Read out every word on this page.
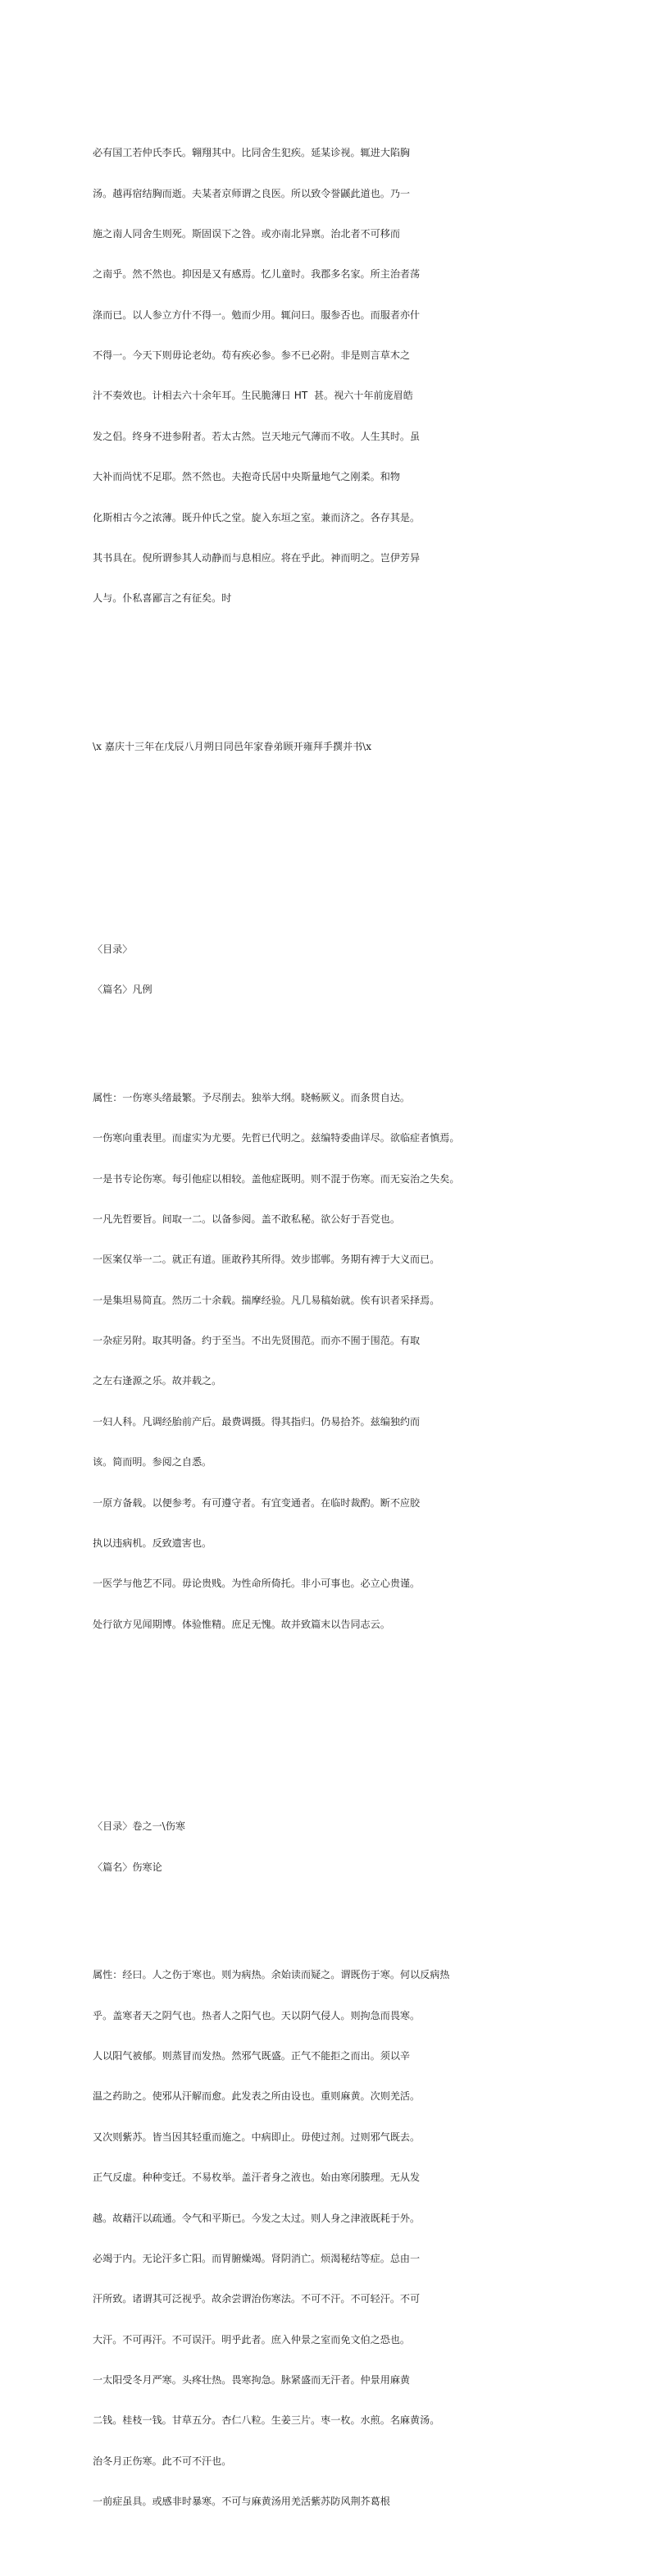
必有国工若仲氏李氏。翱翔其中。比同舍生犯疾。延某诊视。辄进大陷胸

汤。越再宿结胸而逝。夫某者京师谓之良医。所以致令誉鼷此道也。乃一

施之南人同舍生则死。斯固误下之咎。或亦南北异禀。治北者不可移而

之南乎。然不然也。抑因是又有感焉。忆儿童时。我郡多名家。所主治者荡

涤而已。以人参立方什不得一。勉而少用。辄问曰。服参否也。而服者亦什

不得一。今天下则毋论老幼。苟有疾必参。参不已必附。非是则言草木之

汁不奏效也。计相去六十余年耳。生民脆薄日 HT  甚。视六十年前庞眉皓

发之侣。终身不进参附者。若太古然。岂天地元气薄而不收。人生其时。虽

大补而尚忧不足耶。然不然也。夫抱奇氏居中央斯量地气之刚柔。和物

化斯相古今之浓薄。既升仲氏之堂。旋入东垣之室。兼而济之。各存其是。

其书具在。倪所谓参其人动静而与息相应。将在乎此。神而明之。岂伊芳异

人与。仆私喜鄙言之有征矣。时

\x 嘉庆十三年在戊辰八月朔日同邑年家眷弟顾开雍拜手撰并书\x

〈目录〉

〈篇名〉凡例

属性：一伤寒头绪最繁。予尽削去。独举大纲。晓畅厥义。而条贯自达。

一伤寒向重表里。而虚实为尤要。先哲已代明之。兹编特委曲详尽。欲临症者慎焉。

一是书专论伤寒。每引他症以相较。盖他症既明。则不混于伤寒。而无妄治之失矣。

一凡先哲要旨。间取一二。以备参阅。盖不敢私秘。欲公好于吾党也。

一医案仅举一二。就正有道。匪敢矜其所得。效步邯郸。务期有裨于大义而已。

一是集坦易简直。然历二十余载。揣摩经验。凡几易稿始就。俟有识者采择焉。

一杂症另附。取其明备。约于至当。不出先贤围范。而亦不囿于围范。有取

之左右逢源之乐。故并载之。

一妇人科。凡调经胎前产后。最费调摄。得其指归。仍易拾芥。兹编独约而

该。简而明。参阅之自悉。

一原方备载。以便参考。有可遵守者。有宜变通者。在临时裁酌。断不应胶

执以违病机。反致遗害也。

一医学与他艺不同。毋论贵贱。为性命所倚托。非小可事也。必立心贵谨。

处行欲方见闻期博。体验惟精。庶足无愧。故并致篇末以告同志云。

〈目录〉卷之一\伤寒

〈篇名〉伤寒论

属性：经曰。人之伤于寒也。则为病热。余始读而疑之。谓既伤于寒。何以反病热

乎。盖寒者天之阴气也。热者人之阳气也。天以阴气侵人。则拘急而畏寒。

人以阳气被郁。则蒸冒而发热。然邪气既盛。正气不能拒之而出。须以辛

温之药助之。使邪从汗解而愈。此发表之所由设也。重则麻黄。次则羌活。

又次则紫苏。皆当因其轻重而施之。中病即止。毋使过剂。过则邪气既去。

正气反虚。种种变迁。不易枚举。盖汗者身之液也。始由寒闭腠理。无从发

越。故藉汗以疏通。令气和平斯已。今发之太过。则人身之津液既耗于外。

必竭于内。无论汗多亡阳。而胃腑燥竭。肾阴消亡。烦渴秘结等症。总由一

汗所致。诸谓其可泛视乎。故余尝谓治伤寒法。不可不汗。不可轻汗。不可

大汗。不可再汗。不可误汗。明乎此者。庶入仲景之室而免文伯之恐也。

一太阳受冬月严寒。头疼壮热。畏寒拘急。脉紧盛而无汗者。仲景用麻黄

二钱。桂枝一钱。甘草五分。杏仁八粒。生姜三片。枣一枚。水煎。名麻黄汤。

治冬月正伤寒。此不可不汗也。

一前症虽具。或感非时暴寒。不可与麻黄汤用羌活紫苏防风荆芥葛根
